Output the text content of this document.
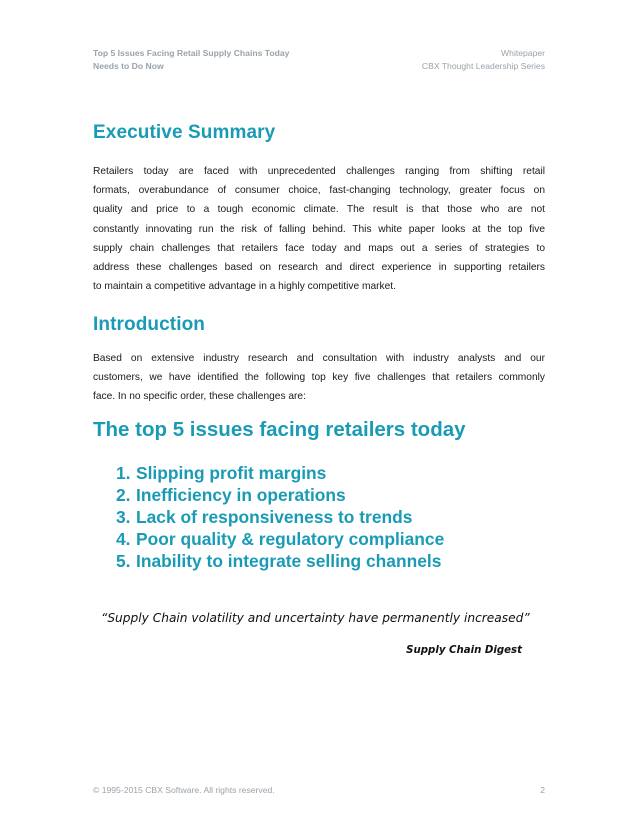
Top 5 Issues Facing Retail Supply Chains Today
Needs to Do Now
Whitepaper
CBX Thought Leadership Series
Executive Summary
Retailers today are faced with unprecedented challenges ranging from shifting retail
formats, overabundance of consumer choice, fast-changing technology, greater focus on
quality and price to a tough economic climate. The result is that those who are not
constantly innovating run the risk of falling behind. This white paper looks at the top five
supply chain challenges that retailers face today and maps out a series of strategies to
address these challenges based on research and direct experience in supporting retailers
to maintain a competitive advantage in a highly competitive market.
Introduction
Based on extensive industry research and consultation with industry analysts and our
customers, we have identified the following top key five challenges that retailers commonly
face. In no specific order, these challenges are:
The top 5 issues facing retailers today
1. Slipping profit margins
2. Inefficiency in operations
3. Lack of responsiveness to trends
4. Poor quality & regulatory compliance
5. Inability to integrate selling channels
“Supply Chain volatility and uncertainty have permanently increased”
Supply Chain Digest
© 1995-2015 CBX Software. All rights reserved.	2
